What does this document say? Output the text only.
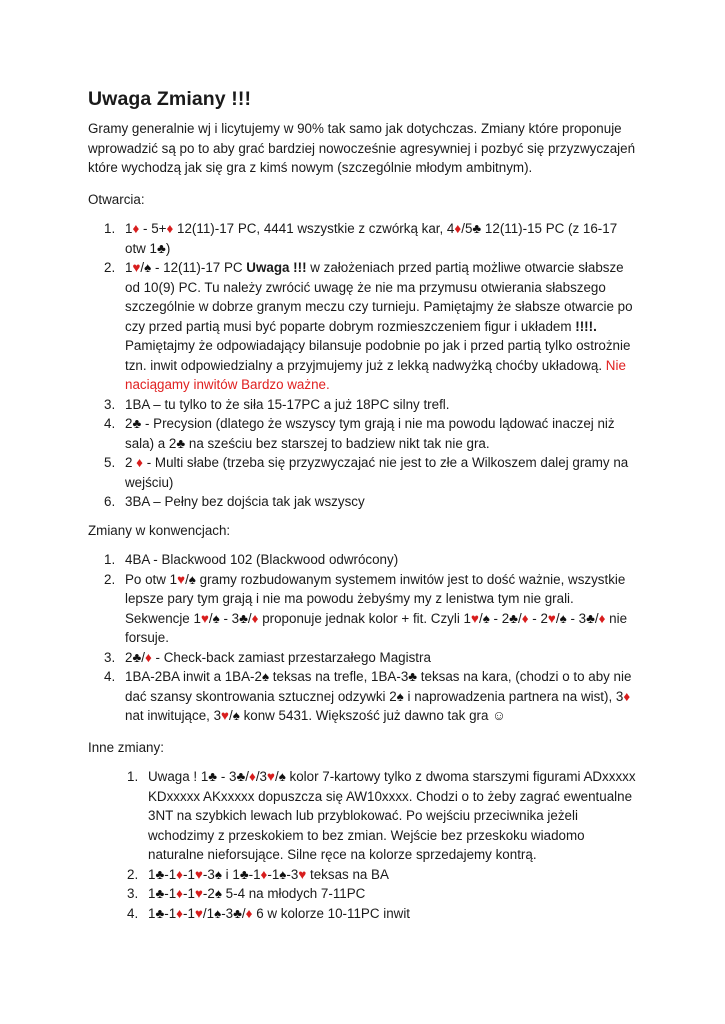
Uwaga Zmiany !!!

Gramy generalnie wj i licytujemy w 90% tak samo jak dotychczas. Zmiany które proponuje wprowadzić są po to aby grać bardziej nowocześnie agresywniej i pozbyć się przyzwyczajeń które wychodzą jak się gra z kimś nowym (szczególnie młodym ambitnym).

Otwarcia:

1. 1♦ - 5+♦ 12(11)-17 PC, 4441 wszystkie z czwórką kar, 4♦/5♣ 12(11)-15 PC (z 16-17 otw 1♣)
2. 1♥/♠ - 12(11)-17 PC Uwaga !!! w założeniach przed partią możliwe otwarcie słabsze od 10(9) PC. Tu należy zwrócić uwagę że nie ma przymusu otwierania słabszego szczególnie w dobrze granym meczu czy turnieju. Pamiętajmy że słabsze otwarcie po czy przed partią musi być poparte dobrym rozmieszczeniem figur i układem !!!!. Pamiętajmy że odpowiadający bilansuje podobnie po jak i przed partią tylko ostrożnie tzn. inwit odpowiedzialny a przyjmujemy już z lekką nadwyżką choćby układową. Nie naciągamy inwitów Bardzo ważne.
3. 1BA – tu tylko to że siła 15-17PC a już 18PC silny trefl.
4. 2♣ - Precysion (dlatego że wszyscy tym grają i nie ma powodu lądować inaczej niż sala) a 2♣ na sześciu bez starszej to badziew nikt tak nie gra.
5. 2 ♦ - Multi słabe (trzeba się przyzwyczajać nie jest to złe a Wilkoszem dalej gramy na wejściu)
6. 3BA – Pełny bez dojścia tak jak wszyscy

Zmiany w konwencjach:

1. 4BA - Blackwood 102 (Blackwood odwrócony)
2. Po otw 1♥/♠ gramy rozbudowanym systemem inwitów jest to dość ważnie, wszystkie lepsze pary tym grają i nie ma powodu żebyśmy my z lenistwa tym nie grali. Sekwencje 1♥/♠ - 3♣/♦ proponuje jednak kolor + fit. Czyli 1♥/♠ - 2♣/♦ - 2♥/♠ - 3♣/♦ nie forsuje.
3. 2♣/♦ - Check-back zamiast przestarzałego Magistra
4. 1BA-2BA inwit a 1BA-2♠ teksas na trefle, 1BA-3♣ teksas na kara, (chodzi o to aby nie dać szansy skontrowania sztucznej odzywki 2♠ i naprowadzenia partnera na wist), 3♦ nat inwitujące, 3♥/♠ konw 5431. Większość już dawno tak gra ☺

Inne zmiany:

1. Uwaga ! 1♣ - 3♣/♦/3♥/♠ kolor 7-kartowy tylko z dwoma starszymi figurami ADxxxxx KDxxxxx AKxxxxx dopuszcza się AW10xxxx. Chodzi o to żeby zagrać ewentualne 3NT na szybkich lewach lub przyblokować. Po wejściu przeciwnika jeżeli wchodzimy z przeskokiem to bez zmian. Wejście bez przeskoku wiadomo naturalne nieforsujące. Silne ręce na kolorze sprzedajemy kontrą.
2. 1♣-1♦-1♥-3♠ i 1♣-1♦-1♠-3♥ teksas na BA
3. 1♣-1♦-1♥-2♠ 5-4 na młodych 7-11PC
4. 1♣-1♦-1♥/1♠-3♣/♦ 6 w kolorze 10-11PC inwit
